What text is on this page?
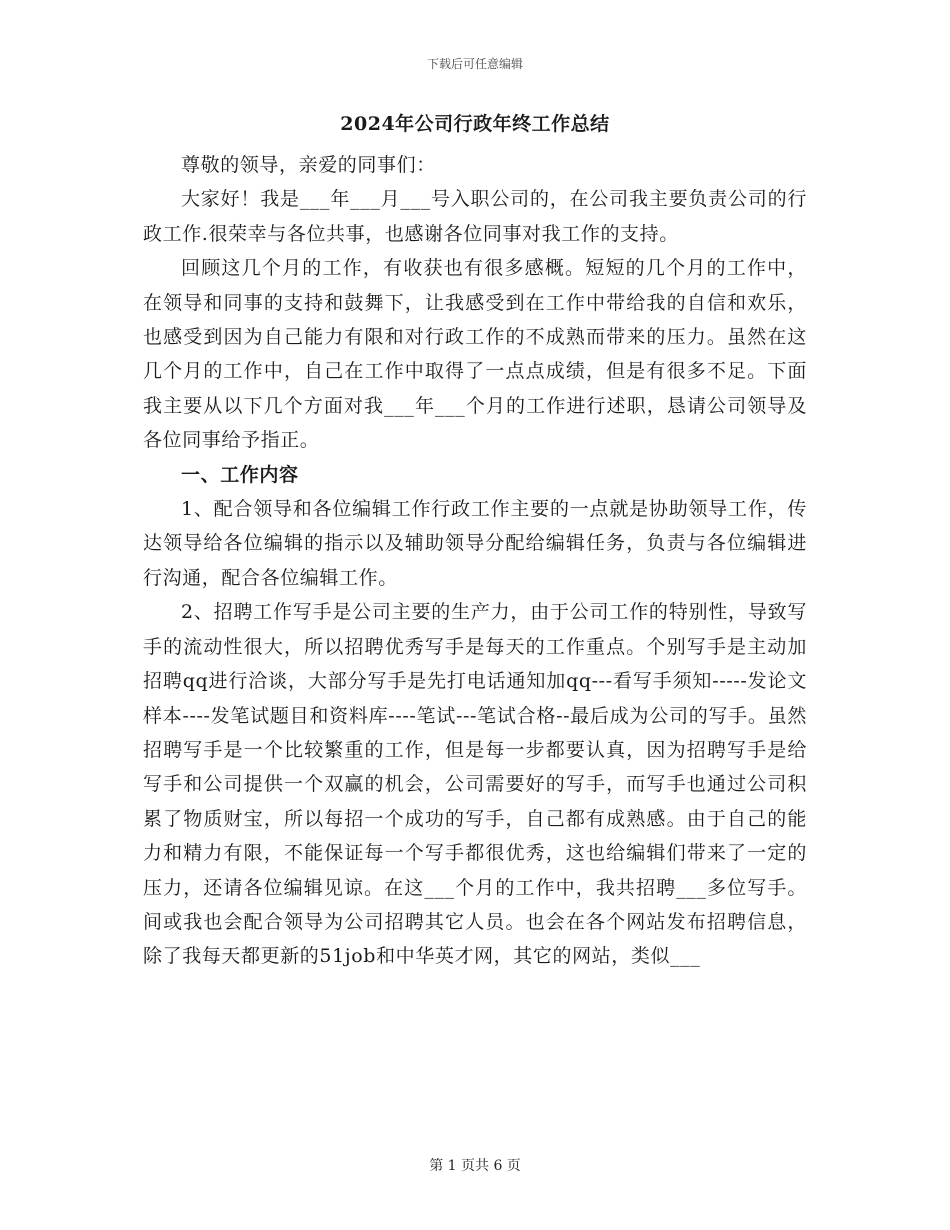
下载后可任意编辑
2024年公司行政年终工作总结

尊敬的领导，亲爱的同事们：

大家好！我是___年___月___号入职公司的，在公司我主要负责公司的行政工作.很荣幸与各位共事，也感谢各位同事对我工作的支持。

回顾这几个月的工作，有收获也有很多感概。短短的几个月的工作中，在领导和同事的支持和鼓舞下，让我感受到在工作中带给我的自信和欢乐，也感受到因为自己能力有限和对行政工作的不成熟而带来的压力。虽然在这几个月的工作中，自己在工作中取得了一点点成绩，但是有很多不足。下面我主要从以下几个方面对我___年___个月的工作进行述职，恳请公司领导及各位同事给予指正。

一、工作内容

1、配合领导和各位编辑工作行政工作主要的一点就是协助领导工作，传达领导给各位编辑的指示以及辅助领导分配给编辑任务，负责与各位编辑进行沟通，配合各位编辑工作。

2、招聘工作写手是公司主要的生产力，由于公司工作的特别性，导致写手的流动性很大，所以招聘优秀写手是每天的工作重点。个别写手是主动加招聘qq进行洽谈，大部分写手是先打电话通知加qq---看写手须知-----发论文样本----发笔试题目和资料库----笔试---笔试合格--最后成为公司的写手。虽然招聘写手是一个比较繁重的工作，但是每一步都要认真，因为招聘写手是给写手和公司提供一个双赢的机会，公司需要好的写手，而写手也通过公司积累了物质财宝，所以每招一个成功的写手，自己都有成熟感。由于自己的能力和精力有限，不能保证每一个写手都很优秀，这也给编辑们带来了一定的压力，还请各位编辑见谅。在这___个月的工作中，我共招聘___多位写手。间或我也会配合领导为公司招聘其它人员。也会在各个网站发布招聘信息，除了我每天都更新的51job和中华英才网，其它的网站，类似___

第 1 页共 6 页
